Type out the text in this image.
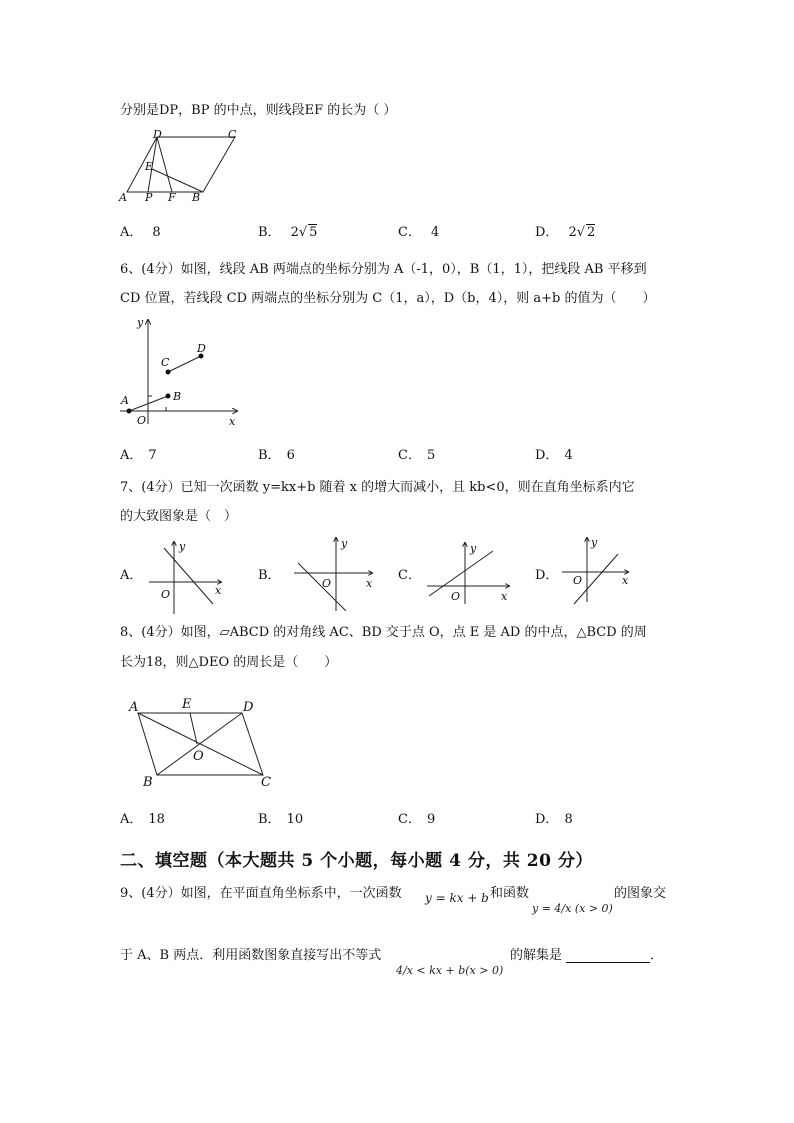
分别是DP，BP 的中点，则线段EF 的长为（ ）
D	C
E
A P F B
A． 8	B． 2√ 5	C． 4	D． 2√ 2
6、(4分）如图，线段 AB 两端点的坐标分别为 A（-1，0），B（1，1），把线段 AB 平移到
CD 位置，若线段 CD 两端点的坐标分别为 C（1，a），D（b，4），则 a+b 的值为（　　）
y
x
O
A	B
C
D
A． 7	B． 6	C． 5	D． 4
7、(4分）已知一次函数 y=kx+b 随着 x 的增大而减小，且 kb<0，则在直角坐标系内它
的大致图象是（　）
A．
y
x
O
B．
y
x
O
C．
y
x
O
D．
y
x
O
8、(4分）如图，▱ABCD 的对角线 AC、BD 交于点 O，点 E 是 AD 的中点，△BCD 的周
长为18，则△DEO 的周长是（　　）
A	E	D
O
B	C
A． 18	B． 10	C． 9	D． 8
二、填空题（本大题共 5 个小题，每小题 4 分，共 20 分）
9、(4分）如图，在平面直角坐标系中，一次函数 y = kx + b 和函数
y = 4/x (x > 0)
的图象交
于 A、B 两点．利用函数图象直接写出不等式
4/x < kx + b(x > 0)
的解集是	．
